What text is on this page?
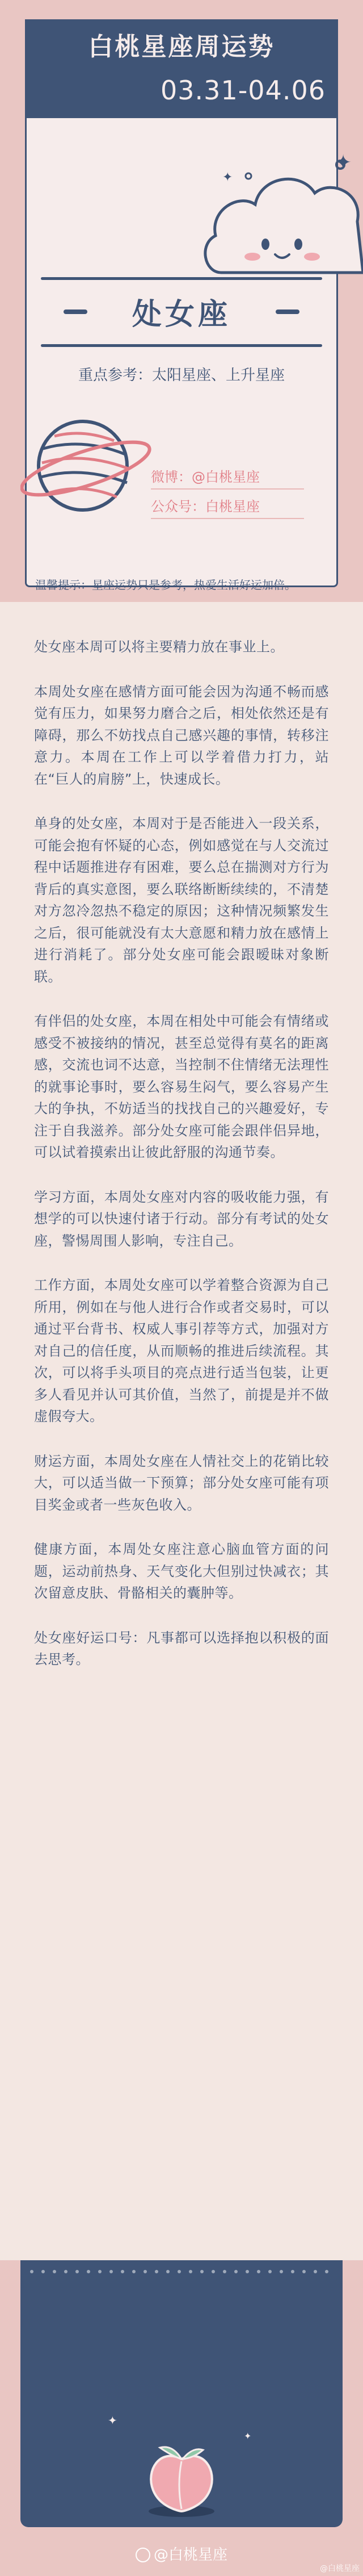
白桃星座周运势
03.31-04.06
✦
✦
处女座
重点参考：太阳星座、上升星座
微博：@白桃星座
公众号：白桃星座
温馨提示：星座运势只是参考，热爱生活好运加倍。

处女座本周可以将主要精力放在事业上。

本周处女座在感情方面可能会因为沟通不畅而感觉有压力，如果努力磨合之后，相处依然还是有障碍，那么不妨找点自己感兴趣的事情，转移注意力。本周在工作上可以学着借力打力，站在“巨人的肩膀”上，快速成长。

单身的处女座，本周对于是否能进入一段关系，可能会抱有怀疑的心态，例如感觉在与人交流过程中话题推进存有困难，要么总在揣测对方行为背后的真实意图，要么联络断断续续的，不清楚对方忽冷忽热不稳定的原因；这种情况频繁发生之后，很可能就没有太大意愿和精力放在感情上进行消耗了。部分处女座可能会跟暧昧对象断联。

有伴侣的处女座，本周在相处中可能会有情绪或感受不被接纳的情况，甚至总觉得有莫名的距离感，交流也词不达意，当控制不住情绪无法理性的就事论事时，要么容易生闷气，要么容易产生大的争执，不妨适当的找找自己的兴趣爱好，专注于自我滋养。部分处女座可能会跟伴侣异地，可以试着摸索出让彼此舒服的沟通节奏。

学习方面，本周处女座对内容的吸收能力强，有想学的可以快速付诸于行动。部分有考试的处女座，警惕周围人影响，专注自己。

工作方面，本周处女座可以学着整合资源为自己所用，例如在与他人进行合作或者交易时，可以通过平台背书、权威人事引荐等方式，加强对方对自己的信任度，从而顺畅的推进后续流程。其次，可以将手头项目的亮点进行适当包装，让更多人看见并认可其价值，当然了，前提是并不做虚假夸大。

财运方面，本周处女座在人情社交上的花销比较大，可以适当做一下预算；部分处女座可能有项目奖金或者一些灰色收入。

健康方面，本周处女座注意心脑血管方面的问题，运动前热身、天气变化大但别过快减衣；其次留意皮肤、骨骼相关的囊肿等。

处女座好运口号：凡事都可以选择抱以积极的面去思考。

✦
✦
@白桃星座
@白桃星座
